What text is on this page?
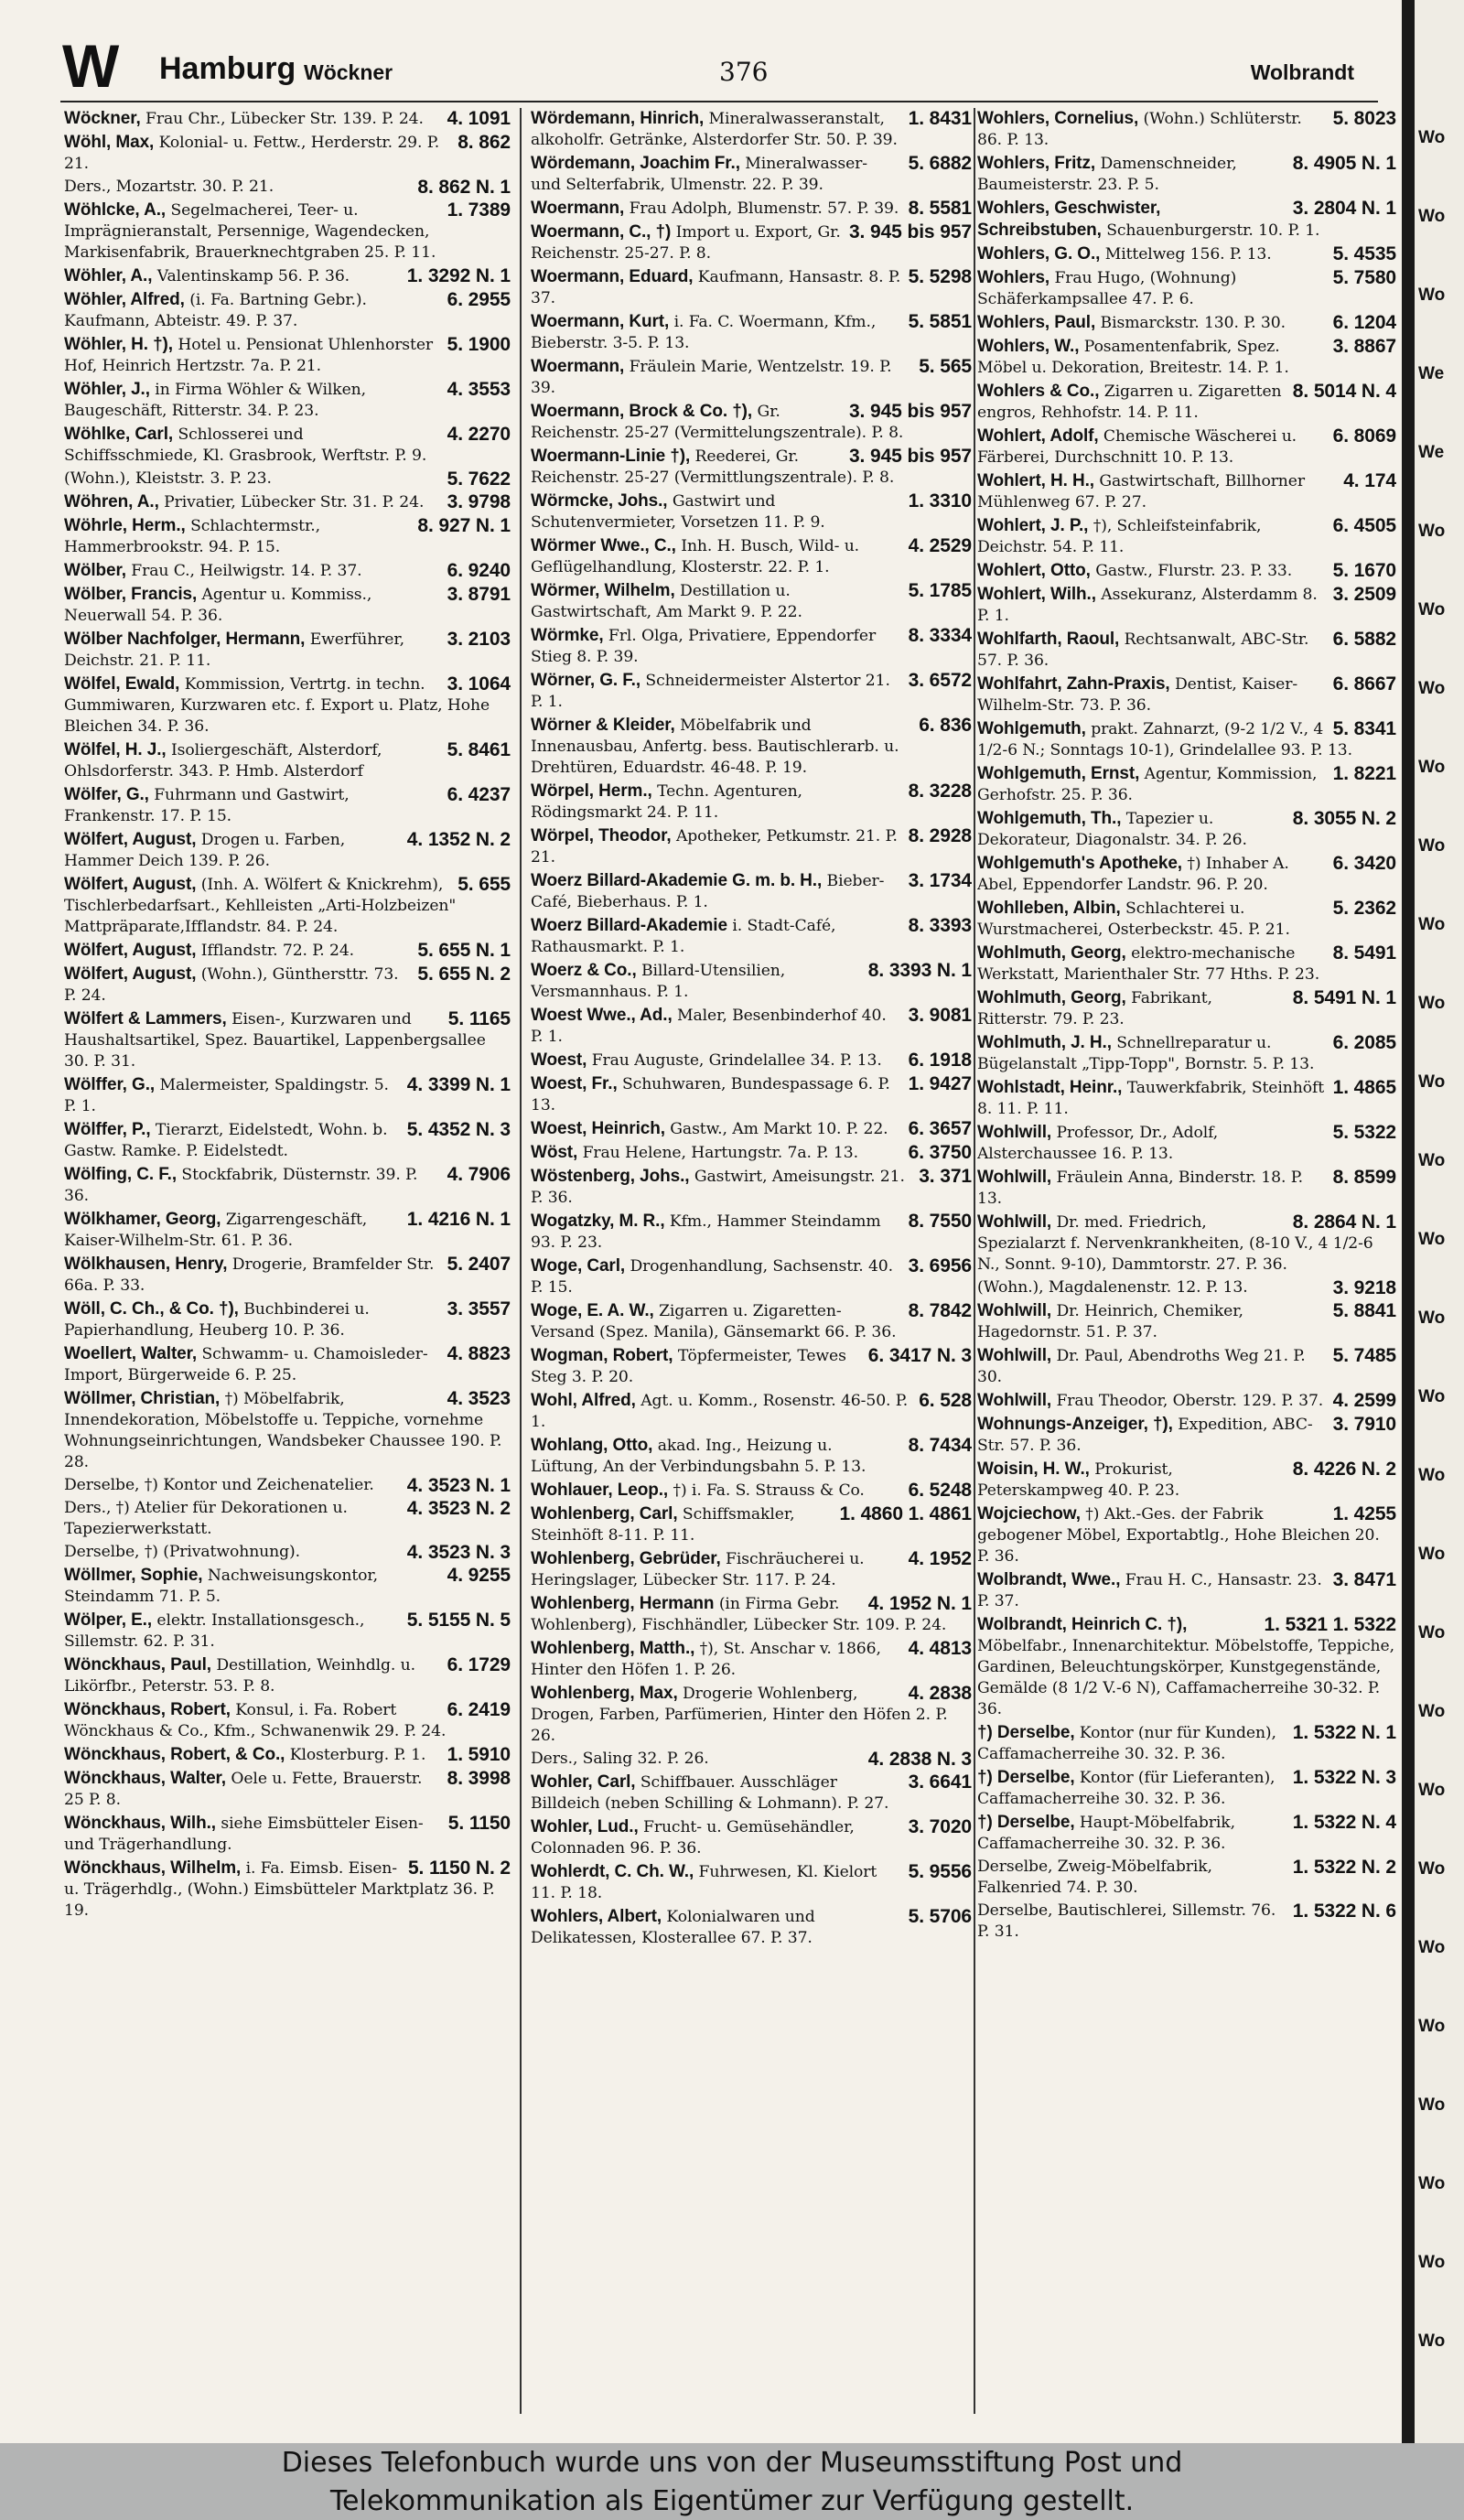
W Hamburg Wöckner	376	Wolbrandt
4. 1091
Wöckner, Frau Chr., Lübecker Str. 139. P. 24.
8. 862
Wöhl, Max, Kolonial- u. Fettw., Herderstr. 29. P. 21.
8. 862 N. 1
Ders., Mozartstr. 30. P. 21.
1. 7389
Wöhlcke, A., Segelmacherei, Teer- u. Imprägnieranstalt, Persennige, Wagendecken, Markisenfabrik, Brauerknechtgraben 25. P. 11.
1. 3292 N. 1
Wöhler, A., Valentinskamp 56. P. 36.
6. 2955
Wöhler, Alfred, (i. Fa. Bartning Gebr.). Kaufmann, Abteistr. 49. P. 37.
5. 1900
Wöhler, H. †), Hotel u. Pensionat Uhlenhorster Hof, Heinrich Hertzstr. 7a. P. 21.
4. 3553
Wöhler, J., in Firma Wöhler & Wilken, Baugeschäft, Ritterstr. 34. P. 23.
4. 2270
Wöhlke, Carl, Schlosserei und Schiffsschmiede, Kl. Grasbrook, Werftstr. P. 9.
5. 7622
(Wohn.), Kleiststr. 3. P. 23.
3. 9798
Wöhren, A., Privatier, Lübecker Str. 31. P. 24.
8. 927 N. 1
Wöhrle, Herm., Schlachtermstr., Hammerbrookstr. 94. P. 15.
6. 9240
Wölber, Frau C., Heilwigstr. 14. P. 37.
3. 8791
Wölber, Francis, Agentur u. Kommiss., Neuerwall 54. P. 36.
3. 2103
Wölber Nachfolger, Hermann, Ewerführer, Deichstr. 21. P. 11.
3. 1064
Wölfel, Ewald, Kommission, Vertrtg. in techn. Gummiwaren, Kurzwaren etc. f. Export u. Platz, Hohe Bleichen 34. P. 36.
5. 8461
Wölfel, H. J., Isoliergeschäft, Alsterdorf, Ohlsdorferstr. 343. P. Hmb. Alsterdorf
6. 4237
Wölfer, G., Fuhrmann und Gastwirt, Frankenstr. 17. P. 15.
4. 1352 N. 2
Wölfert, August, Drogen u. Farben, Hammer Deich 139. P. 26.
5. 655
Wölfert, August, (Inh. A. Wölfert & Knickrehm), Tischlerbedarfsart., Kehlleisten „Arti-Holzbeizen" Mattpräparate,Ifflandstr. 84. P. 24.
5. 655 N. 1
Wölfert, August, Ifflandstr. 72. P. 24.
5. 655 N. 2
Wölfert, August, (Wohn.), Günthersttr. 73. P. 24.
5. 1165
Wölfert & Lammers, Eisen-, Kurzwaren und Haushaltsartikel, Spez. Bauartikel, Lappenbergsallee 30. P. 31.
4. 3399 N. 1
Wölffer, G., Malermeister, Spaldingstr. 5. P. 1.
5. 4352 N. 3
Wölffer, P., Tierarzt, Eidelstedt, Wohn. b. Gastw. Ramke. P. Eidelstedt.
4. 7906
Wölfing, C. F., Stockfabrik, Düsternstr. 39. P. 36.
1. 4216 N. 1
Wölkhamer, Georg, Zigarrengeschäft, Kaiser-Wilhelm-Str. 61. P. 36.
5. 2407
Wölkhausen, Henry, Drogerie, Bramfelder Str. 66a. P. 33.
3. 3557
Wöll, C. Ch., & Co. †), Buchbinderei u. Papierhandlung, Heuberg 10. P. 36.
4. 8823
Woellert, Walter, Schwamm- u. Chamoisleder-Import, Bürgerweide 6. P. 25.
4. 3523
Wöllmer, Christian, †) Möbelfabrik, Innendekoration, Möbelstoffe u. Teppiche, vornehme Wohnungseinrichtungen, Wandsbeker Chaussee 190. P. 28.
4. 3523 N. 1
Derselbe, †) Kontor und Zeichenatelier.
4. 3523 N. 2
Ders., †) Atelier für Dekorationen u. Tapezierwerkstatt.
4. 3523 N. 3
Derselbe, †) (Privatwohnung).
4. 9255
Wöllmer, Sophie, Nachweisungskontor, Steindamm 71. P. 5.
5. 5155 N. 5
Wölper, E., elektr. Installationsgesch., Sillemstr. 62. P. 31.
6. 1729
Wönckhaus, Paul, Destillation, Weinhdlg. u. Likörfbr., Peterstr. 53. P. 8.
6. 2419
Wönckhaus, Robert, Konsul, i. Fa. Robert Wönckhaus & Co., Kfm., Schwanenwik 29. P. 24.
1. 5910
Wönckhaus, Robert, & Co., Klosterburg. P. 1.
8. 3998
Wönckhaus, Walter, Oele u. Fette, Brauerstr. 25 P. 8.
5. 1150
Wönckhaus, Wilh., siehe Eimsbütteler Eisen- und Trägerhandlung.
5. 1150 N. 2
Wönckhaus, Wilhelm, i. Fa. Eimsb. Eisen- u. Trägerhdlg., (Wohn.) Eimsbütteler Marktplatz 36. P. 19.
1. 8431
Wördemann, Hinrich, Mineralwasseranstalt, alkoholfr. Getränke, Alsterdorfer Str. 50. P. 39.
5. 6882
Wördemann, Joachim Fr., Mineralwasser- und Selterfabrik, Ulmenstr. 22. P. 39.
8. 5581
Woermann, Frau Adolph, Blumenstr. 57. P. 39.
3. 945 bis 957
Woermann, C., †) Import u. Export, Gr. Reichenstr. 25-27. P. 8.
5. 5298
Woermann, Eduard, Kaufmann, Hansastr. 8. P. 37.
5. 5851
Woermann, Kurt, i. Fa. C. Woermann, Kfm., Bieberstr. 3-5. P. 13.
5. 565
Woermann, Fräulein Marie, Wentzelstr. 19. P. 39.
3. 945 bis 957
Woermann, Brock & Co. †), Gr. Reichenstr. 25-27 (Vermittelungszentrale). P. 8.
3. 945 bis 957
Woermann-Linie †), Reederei, Gr. Reichenstr. 25-27 (Vermittlungszentrale). P. 8.
1. 3310
Wörmcke, Johs., Gastwirt und Schutenvermieter, Vorsetzen 11. P. 9.
4. 2529
Wörmer Wwe., C., Inh. H. Busch, Wild- u. Geflügelhandlung, Klosterstr. 22. P. 1.
5. 1785
Wörmer, Wilhelm, Destillation u. Gastwirtschaft, Am Markt 9. P. 22.
8. 3334
Wörmke, Frl. Olga, Privatiere, Eppendorfer Stieg 8. P. 39.
3. 6572
Wörner, G. F., Schneidermeister Alstertor 21. P. 1.
6. 836
Wörner & Kleider, Möbelfabrik und Innenausbau, Anfertg. bess. Bautischlerarb. u. Drehtüren, Eduardstr. 46-48. P. 19.
8. 3228
Wörpel, Herm., Techn. Agenturen, Rödingsmarkt 24. P. 11.
8. 2928
Wörpel, Theodor, Apotheker, Petkumstr. 21. P. 21.
3. 1734
Woerz Billard-Akademie G. m. b. H., Bieber-Café, Bieberhaus. P. 1.
8. 3393
Woerz Billard-Akademie i. Stadt-Café, Rathausmarkt. P. 1.
8. 3393 N. 1
Woerz & Co., Billard-Utensilien, Versmannhaus. P. 1.
3. 9081
Woest Wwe., Ad., Maler, Besenbinderhof 40. P. 1.
6. 1918
Woest, Frau Auguste, Grindelallee 34. P. 13.
1. 9427
Woest, Fr., Schuhwaren, Bundespassage 6. P. 13.
6. 3657
Woest, Heinrich, Gastw., Am Markt 10. P. 22.
6. 3750
Wöst, Frau Helene, Hartungstr. 7a. P. 13.
3. 371
Wöstenberg, Johs., Gastwirt, Ameisungstr. 21. P. 36.
8. 7550
Wogatzky, M. R., Kfm., Hammer Steindamm 93. P. 23.
3. 6956
Woge, Carl, Drogenhandlung, Sachsenstr. 40. P. 15.
8. 7842
Woge, E. A. W., Zigarren u. Zigaretten-Versand (Spez. Manila), Gänsemarkt 66. P. 36.
6. 3417 N. 3
Wogman, Robert, Töpfermeister, Tewes Steg 3. P. 20.
6. 528
Wohl, Alfred, Agt. u. Komm., Rosenstr. 46-50. P. 1.
8. 7434
Wohlang, Otto, akad. Ing., Heizung u. Lüftung, An der Verbindungsbahn 5. P. 13.
6. 5248
Wohlauer, Leop., †) i. Fa. S. Strauss & Co.
1. 4860 1. 4861
Wohlenberg, Carl, Schiffsmakler, Steinhöft 8-11. P. 11.
4. 1952
Wohlenberg, Gebrüder, Fischräucherei u. Heringslager, Lübecker Str. 117. P. 24.
4. 1952 N. 1
Wohlenberg, Hermann (in Firma Gebr. Wohlenberg), Fischhändler, Lübecker Str. 109. P. 24.
4. 4813
Wohlenberg, Matth., †), St. Anschar v. 1866, Hinter den Höfen 1. P. 26.
4. 2838
Wohlenberg, Max, Drogerie Wohlenberg, Drogen, Farben, Parfümerien, Hinter den Höfen 2. P. 26.
4. 2838 N. 3
Ders., Saling 32. P. 26.
3. 6641
Wohler, Carl, Schiffbauer. Ausschläger Billdeich (neben Schilling & Lohmann). P. 27.
3. 7020
Wohler, Lud., Frucht- u. Gemüsehändler, Colonnaden 96. P. 36.
5. 9556
Wohlerdt, C. Ch. W., Fuhrwesen, Kl. Kielort 11. P. 18.
5. 5706
Wohlers, Albert, Kolonialwaren und Delikatessen, Klosterallee 67. P. 37.
5. 8023
Wohlers, Cornelius, (Wohn.) Schlüterstr. 86. P. 13.
8. 4905 N. 1
Wohlers, Fritz, Damenschneider, Baumeisterstr. 23. P. 5.
3. 2804 N. 1
Wohlers, Geschwister, Schreibstuben, Schauenburgerstr. 10. P. 1.
5. 4535
Wohlers, G. O., Mittelweg 156. P. 13.
5. 7580
Wohlers, Frau Hugo, (Wohnung) Schäferkampsallee 47. P. 6.
6. 1204
Wohlers, Paul, Bismarckstr. 130. P. 30.
3. 8867
Wohlers, W., Posamentenfabrik, Spez. Möbel u. Dekoration, Breitestr. 14. P. 1.
8. 5014 N. 4
Wohlers & Co., Zigarren u. Zigaretten engros, Rehhofstr. 14. P. 11.
6. 8069
Wohlert, Adolf, Chemische Wäscherei u. Färberei, Durchschnitt 10. P. 13.
4. 174
Wohlert, H. H., Gastwirtschaft, Billhorner Mühlenweg 67. P. 27.
6. 4505
Wohlert, J. P., †), Schleifsteinfabrik, Deichstr. 54. P. 11.
5. 1670
Wohlert, Otto, Gastw., Flurstr. 23. P. 33.
3. 2509
Wohlert, Wilh., Assekuranz, Alsterdamm 8. P. 1.
6. 5882
Wohlfarth, Raoul, Rechtsanwalt, ABC-Str. 57. P. 36.
6. 8667
Wohlfahrt, Zahn-Praxis, Dentist, Kaiser-Wilhelm-Str. 73. P. 36.
5. 8341
Wohlgemuth, prakt. Zahnarzt, (9-2 1/2 V., 4 1/2-6 N.; Sonntags 10-1), Grindelallee 93. P. 13.
1. 8221
Wohlgemuth, Ernst, Agentur, Kommission, Gerhofstr. 25. P. 36.
8. 3055 N. 2
Wohlgemuth, Th., Tapezier u. Dekorateur, Diagonalstr. 34. P. 26.
6. 3420
Wohlgemuth's Apotheke, †) Inhaber A. Abel, Eppendorfer Landstr. 96. P. 20.
5. 2362
Wohlleben, Albin, Schlachterei u. Wurstmacherei, Osterbeckstr. 45. P. 21.
8. 5491
Wohlmuth, Georg, elektro-mechanische Werkstatt, Marienthaler Str. 77 Hths. P. 23.
8. 5491 N. 1
Wohlmuth, Georg, Fabrikant, Ritterstr. 79. P. 23.
6. 2085
Wohlmuth, J. H., Schnellreparatur u. Bügelanstalt „Tipp-Topp", Bornstr. 5. P. 13.
1. 4865
Wohlstadt, Heinr., Tauwerkfabrik, Steinhöft 8. 11. P. 11.
5. 5322
Wohlwill, Professor, Dr., Adolf, Alsterchaussee 16. P. 13.
8. 8599
Wohlwill, Fräulein Anna, Binderstr. 18. P. 13.
8. 2864 N. 1
Wohlwill, Dr. med. Friedrich, Spezialarzt f. Nervenkrankheiten, (8-10 V., 4 1/2-6 N., Sonnt. 9-10), Dammtorstr. 27. P. 36.
3. 9218
(Wohn.), Magdalenenstr. 12. P. 13.
5. 8841
Wohlwill, Dr. Heinrich, Chemiker, Hagedornstr. 51. P. 37.
5. 7485
Wohlwill, Dr. Paul, Abendroths Weg 21. P. 30.
4. 2599
Wohlwill, Frau Theodor, Oberstr. 129. P. 37.
3. 7910
Wohnungs-Anzeiger, †), Expedition, ABC-Str. 57. P. 36.
8. 4226 N. 2
Woisin, H. W., Prokurist, Peterskampweg 40. P. 23.
1. 4255
Wojciechow, †) Akt.-Ges. der Fabrik gebogener Möbel, Exportabtlg., Hohe Bleichen 20. P. 36.
3. 8471
Wolbrandt, Wwe., Frau H. C., Hansastr. 23. P. 37.
1. 5321 1. 5322
Wolbrandt, Heinrich C. †), Möbelfabr., Innenarchitektur. Möbelstoffe, Teppiche, Gardinen, Beleuchtungskörper, Kunstgegenstände, Gemälde (8 1/2 V.-6 N), Caffamacherreihe 30-32. P. 36.
1. 5322 N. 1
†) Derselbe, Kontor (nur für Kunden), Caffamacherreihe 30. 32. P. 36.
1. 5322 N. 3
†) Derselbe, Kontor (für Lieferanten), Caffamacherreihe 30. 32. P. 36.
1. 5322 N. 4
†) Derselbe, Haupt-Möbelfabrik, Caffamacherreihe 30. 32. P. 36.
1. 5322 N. 2
Derselbe, Zweig-Möbelfabrik, Falkenried 74. P. 30.
1. 5322 N. 6
Derselbe, Bautischlerei, Sillemstr. 76. P. 31.
Wo
Wo
Wo
We
We
Wo
Wo
Wo
Wo
Wo
Wo
Wo
Wo
Wo
Wo
Wo
Wo
Wo
Wo
Wo
Wo
Wo
Wo
Wo
Wo
Wo
Wo
Wo
Wo
Dieses Telefonbuch wurde uns von der Museumsstiftung Post und
Telekommunikation als Eigentümer zur Verfügung gestellt.
